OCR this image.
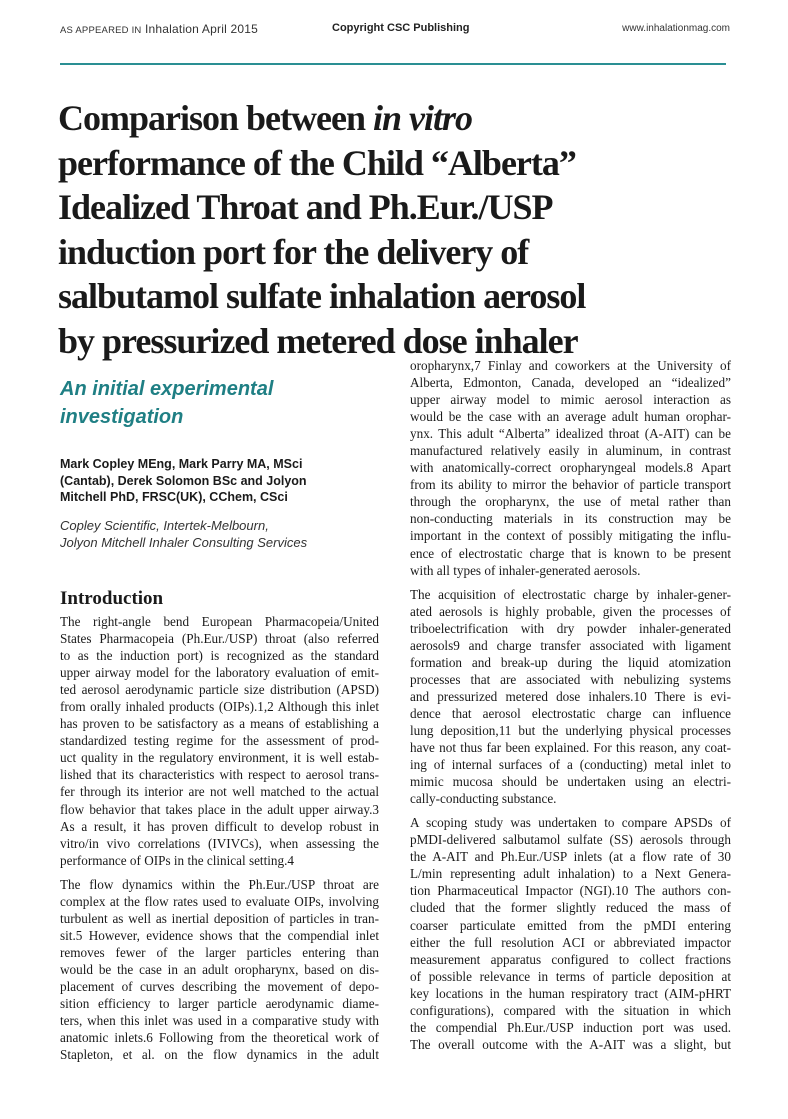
AS APPEARED IN Inhalation April 2015	Copyright CSC Publishing	www.inhalationmag.com
Comparison between in vitro
performance of the Child “Alberta”
Idealized Throat and Ph.Eur./USP
induction port for the delivery of
salbutamol sulfate inhalation aerosol
by pressurized metered dose inhaler
An initial experimental
investigation
Mark Copley MEng, Mark Parry MA, MSci
(Cantab), Derek Solomon BSc and Jolyon
Mitchell PhD, FRSC(UK), CChem, CSci
Copley Scientific, Intertek-Melbourn,
Jolyon Mitchell Inhaler Consulting Services
Introduction
The right-angle bend European Pharmacopeia/United
States Pharmacopeia (Ph.Eur./USP) throat (also referred
to as the induction port) is recognized as the standard
upper airway model for the laboratory evaluation of emit-
ted aerosol aerodynamic particle size distribution (APSD)
from orally inhaled products (OIPs).1,2 Although this inlet
has proven to be satisfactory as a means of establishing a
standardized testing regime for the assessment of prod-
uct quality in the regulatory environment, it is well estab-
lished that its characteristics with respect to aerosol trans-
fer through its interior are not well matched to the actual
flow behavior that takes place in the adult upper airway.3
As a result, it has proven difficult to develop robust in
vitro/in vivo correlations (IVIVCs), when assessing the
performance of OIPs in the clinical setting.4
The flow dynamics within the Ph.Eur./USP throat are
complex at the flow rates used to evaluate OIPs, involving
turbulent as well as inertial deposition of particles in tran-
sit.5 However, evidence shows that the compendial inlet
removes fewer of the larger particles entering than
would be the case in an adult oropharynx, based on dis-
placement of curves describing the movement of depo-
sition efficiency to larger particle aerodynamic diame-
ters, when this inlet was used in a comparative study with
anatomic inlets.6 Following from the theoretical work of
Stapleton, et al. on the flow dynamics in the adult
oropharynx,7 Finlay and coworkers at the University of
Alberta, Edmonton, Canada, developed an “idealized”
upper airway model to mimic aerosol interaction as
would be the case with an average adult human orophar-
ynx. This adult “Alberta” idealized throat (A-AIT) can be
manufactured relatively easily in aluminum, in contrast
with anatomically-correct oropharyngeal models.8 Apart
from its ability to mirror the behavior of particle transport
through the oropharynx, the use of metal rather than
non-conducting materials in its construction may be
important in the context of possibly mitigating the influ-
ence of electrostatic charge that is known to be present
with all types of inhaler-generated aerosols.
The acquisition of electrostatic charge by inhaler-gener-
ated aerosols is highly probable, given the processes of
triboelectrification with dry powder inhaler-generated
aerosols9 and charge transfer associated with ligament
formation and break-up during the liquid atomization
processes that are associated with nebulizing systems
and pressurized metered dose inhalers.10 There is evi-
dence that aerosol electrostatic charge can influence
lung deposition,11 but the underlying physical processes
have not thus far been explained. For this reason, any coat-
ing of internal surfaces of a (conducting) metal inlet to
mimic mucosa should be undertaken using an electri-
cally-conducting substance.
A scoping study was undertaken to compare APSDs of
pMDI-delivered salbutamol sulfate (SS) aerosols through
the A-AIT and Ph.Eur./USP inlets (at a flow rate of 30
L/min representing adult inhalation) to a Next Genera-
tion Pharmaceutical Impactor (NGI).10 The authors con-
cluded that the former slightly reduced the mass of
coarser particulate emitted from the pMDI entering
either the full resolution ACI or abbreviated impactor
measurement apparatus configured to collect fractions
of possible relevance in terms of particle deposition at
key locations in the human respiratory tract (AIM-pHRT
configurations), compared with the situation in which
the compendial Ph.Eur./USP induction port was used.
The overall outcome with the A-AIT was a slight, but
